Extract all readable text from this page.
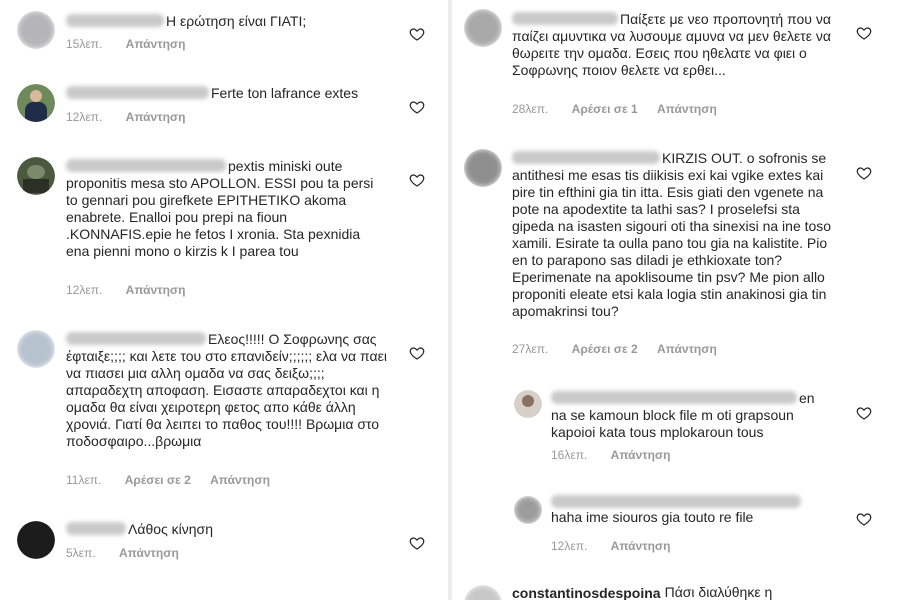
Η ερώτηση είναι ΓΙΑΤΙ;
15λεπ. Απάντηση
Ferte ton lafrance extes
12λεπ. Απάντηση
pextis miniski oute proponitis mesa sto APOLLON. ESSI pou ta persi to gennari pou girefkete EPITHETIKO akoma enabrete. Enalloi pou prepi na fioun .KONNAFIS.epie he fetos I xronia. Sta pexnidia ena pienni mono o kirzis k I parea tou
12λεπ. Απάντηση
Ελεος!!!!! Ο Σοφρωνης σας έφταιξε;;;; και λετε του στο επανιδείν;;;;;; ελα να παει να πιασει μια αλλη ομαδα να σας δειξω;;;; απαραδεχτη αποφαση. Εισαστε απαραδεχτοι και η ομαδα θα είναι χειροτερη φετος απο κάθε άλλη χρονιά. Γιατί θα λειπει το παθος του!!!! Βρωμια στο ποδοσφαιρο...βρωμια
11λεπ. Αρέσει σε 2 Απάντηση
Λάθος κίνηση
5λεπ. Απάντηση
Παίξετε με νεο προπονητή που να παίζει αμυντικα να λυσουμε αμυνα να μεν θελετε να θωρειτε την ομαδα. Εσεις που ηθελατε να φιει ο Σοφρωνης ποιον θελετε να ερθει...
28λεπ. Αρέσει σε 1 Απάντηση
KIRZIS OUT. o sofronis se antithesi me esas tis diikisis exi kai vgike extes kai pire tin efthini gia tin itta. Esis giati den vgenete na pote na apodextite ta lathi sas? I proselefsi sta gipeda na isasten sigouri oti tha sinexisi na ine toso xamili. Esirate ta oulla pano tou gia na kalistite. Pio en to parapono sas diladi je ethkioxate ton? Eperimenate na apoklisoume tin psv? Me pion allo proponiti eleate etsi kala logia stin anakinosi gia tin apomakrinsi tou?
27λεπ. Αρέσει σε 2 Απάντηση
en na se kamoun block file m oti grapsoun kapoioi kata tous mplokaroun tous
16λεπ. Απάντηση
haha ime siouros gia touto re file
12λεπ. Απάντηση
constantinosdespoina Πάσι διαλύθηκε η
